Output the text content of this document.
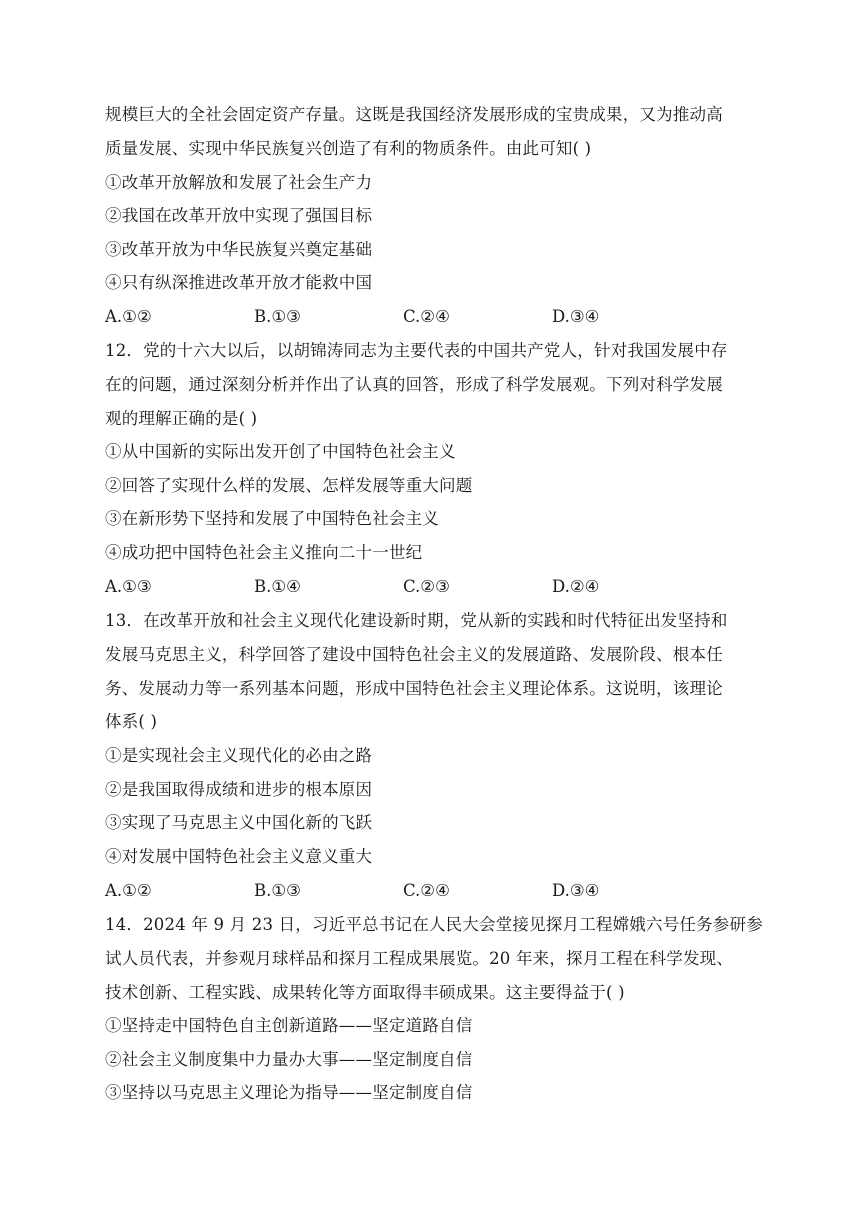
规模巨大的全社会固定资产存量。这既是我国经济发展形成的宝贵成果，又为推动高
质量发展、实现中华民族复兴创造了有利的物质条件。由此可知( )
①改革开放解放和发展了社会生产力
②我国在改革开放中实现了强国目标
③改革开放为中华民族复兴奠定基础
④只有纵深推进改革开放才能救中国
A.①②	B.①③	C.②④	D.③④
12．党的十六大以后，以胡锦涛同志为主要代表的中国共产党人，针对我国发展中存
在的问题，通过深刻分析并作出了认真的回答，形成了科学发展观。下列对科学发展
观的理解正确的是( )
①从中国新的实际出发开创了中国特色社会主义
②回答了实现什么样的发展、怎样发展等重大问题
③在新形势下坚持和发展了中国特色社会主义
④成功把中国特色社会主义推向二十一世纪
A.①③	B.①④	C.②③	D.②④
13．在改革开放和社会主义现代化建设新时期，党从新的实践和时代特征出发坚持和
发展马克思主义，科学回答了建设中国特色社会主义的发展道路、发展阶段、根本任
务、发展动力等一系列基本问题，形成中国特色社会主义理论体系。这说明，该理论
体系( )
①是实现社会主义现代化的必由之路
②是我国取得成绩和进步的根本原因
③实现了马克思主义中国化新的飞跃
④对发展中国特色社会主义意义重大
A.①②	B.①③	C.②④	D.③④
14．2024 年 9 月 23 日，习近平总书记在人民大会堂接见探月工程嫦娥六号任务参研参
试人员代表，并参观月球样品和探月工程成果展览。20 年来，探月工程在科学发现、
技术创新、工程实践、成果转化等方面取得丰硕成果。这主要得益于( )
①坚持走中国特色自主创新道路——坚定道路自信
②社会主义制度集中力量办大事——坚定制度自信
③坚持以马克思主义理论为指导——坚定制度自信
